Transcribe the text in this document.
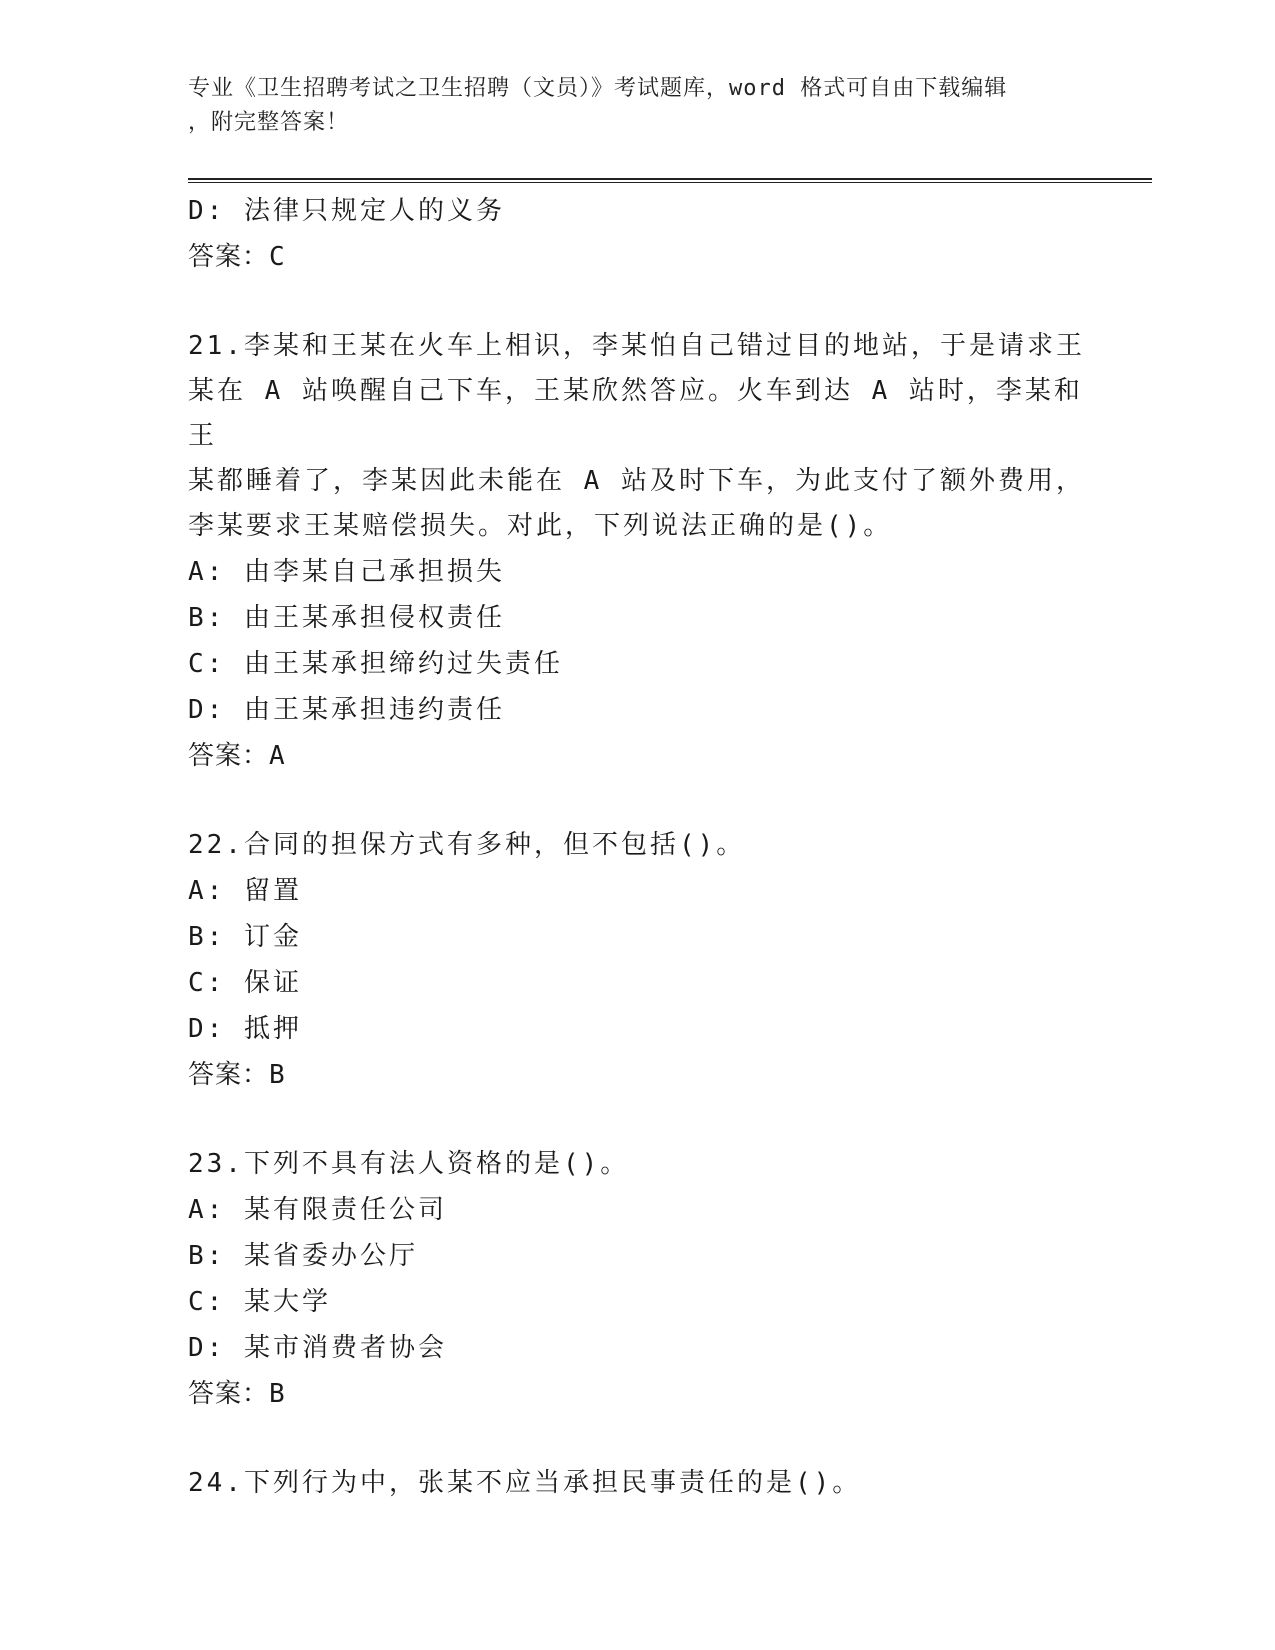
专业《卫生招聘考试之卫生招聘（文员）》考试题库，word 格式可自由下载编辑
，附完整答案！
D: 法律只规定人的义务
答案：C
21.李某和王某在火车上相识，李某怕自己错过目的地站，于是请求王
某在 A 站唤醒自己下车，王某欣然答应。火车到达 A 站时，李某和王
某都睡着了，李某因此未能在 A 站及时下车，为此支付了额外费用，
李某要求王某赔偿损失。对此，下列说法正确的是()。
A: 由李某自己承担损失
B: 由王某承担侵权责任
C: 由王某承担缔约过失责任
D: 由王某承担违约责任
答案：A
22.合同的担保方式有多种，但不包括()。
A: 留置
B: 订金
C: 保证
D: 抵押
答案：B
23.下列不具有法人资格的是()。
A: 某有限责任公司
B: 某省委办公厅
C: 某大学
D: 某市消费者协会
答案：B
24.下列行为中，张某不应当承担民事责任的是()。
